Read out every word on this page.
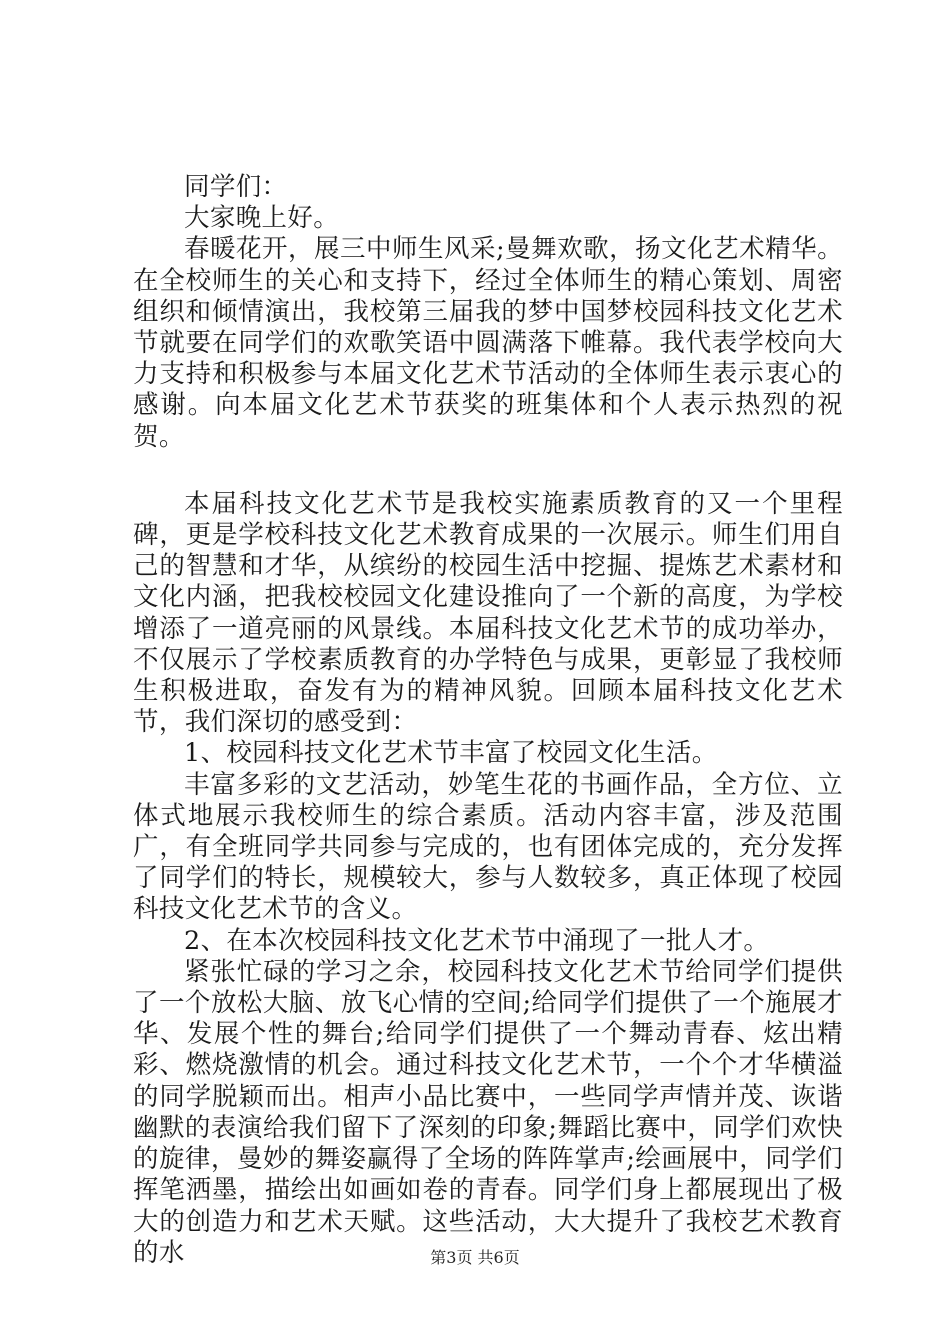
同学们：

大家晚上好。

春暖花开，展三中师生风采;曼舞欢歌，扬文化艺术精华。在全校师生的关心和支持下，经过全体师生的精心策划、周密组织和倾情演出，我校第三届我的梦中国梦校园科技文化艺术节就要在同学们的欢歌笑语中圆满落下帷幕。我代表学校向大力支持和积极参与本届文化艺术节活动的全体师生表示衷心的感谢。向本届文化艺术节获奖的班集体和个人表示热烈的祝贺。

本届科技文化艺术节是我校实施素质教育的又一个里程碑，更是学校科技文化艺术教育成果的一次展示。师生们用自己的智慧和才华，从缤纷的校园生活中挖掘、提炼艺术素材和文化内涵，把我校校园文化建设推向了一个新的高度，为学校增添了一道亮丽的风景线。本届科技文化艺术节的成功举办，不仅展示了学校素质教育的办学特色与成果，更彰显了我校师生积极进取，奋发有为的精神风貌。回顾本届科技文化艺术节，我们深切的感受到：

1、校园科技文化艺术节丰富了校园文化生活。

丰富多彩的文艺活动，妙笔生花的书画作品，全方位、立体式地展示我校师生的综合素质。活动内容丰富，涉及范围广，有全班同学共同参与完成的，也有团体完成的，充分发挥了同学们的特长，规模较大，参与人数较多，真正体现了校园科技文化艺术节的含义。

2、在本次校园科技文化艺术节中涌现了一批人才。

紧张忙碌的学习之余，校园科技文化艺术节给同学们提供了一个放松大脑、放飞心情的空间;给同学们提供了一个施展才华、发展个性的舞台;给同学们提供了一个舞动青春、炫出精彩、燃烧激情的机会。通过科技文化艺术节，一个个才华横溢的同学脱颖而出。相声小品比赛中，一些同学声情并茂、诙谐幽默的表演给我们留下了深刻的印象;舞蹈比赛中，同学们欢快的旋律，曼妙的舞姿赢得了全场的阵阵掌声;绘画展中，同学们挥笔洒墨，描绘出如画如卷的青春。同学们身上都展现出了极大的创造力和艺术天赋。这些活动，大大提升了我校艺术教育的水	第3页 共6页
